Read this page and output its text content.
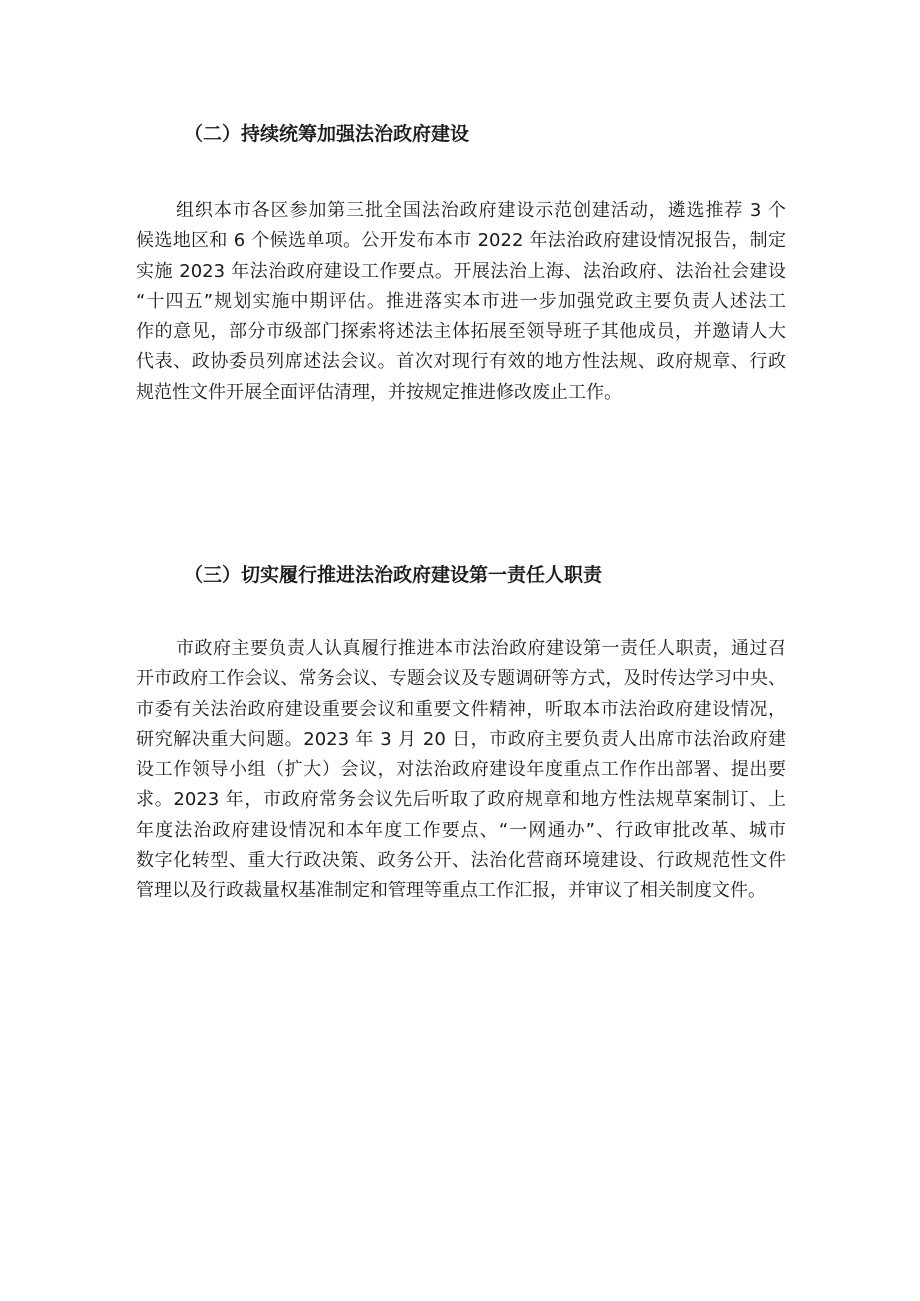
（二）持续统筹加强法治政府建设
组织本市各区参加第三批全国法治政府建设示范创建活动，遴选推荐 3 个
候选地区和 6 个候选单项。公开发布本市 2022 年法治政府建设情况报告，制定
实施 2023 年法治政府建设工作要点。开展法治上海、法治政府、法治社会建设
“十四五”规划实施中期评估。推进落实本市进一步加强党政主要负责人述法工
作的意见，部分市级部门探索将述法主体拓展至领导班子其他成员，并邀请人大
代表、政协委员列席述法会议。首次对现行有效的地方性法规、政府规章、行政
规范性文件开展全面评估清理，并按规定推进修改废止工作。
（三）切实履行推进法治政府建设第一责任人职责
市政府主要负责人认真履行推进本市法治政府建设第一责任人职责，通过召
开市政府工作会议、常务会议、专题会议及专题调研等方式，及时传达学习中央、
市委有关法治政府建设重要会议和重要文件精神，听取本市法治政府建设情况，
研究解决重大问题。2023 年 3 月 20 日，市政府主要负责人出席市法治政府建
设工作领导小组（扩大）会议，对法治政府建设年度重点工作作出部署、提出要
求。2023 年，市政府常务会议先后听取了政府规章和地方性法规草案制订、上
年度法治政府建设情况和本年度工作要点、“一网通办”、行政审批改革、城市
数字化转型、重大行政决策、政务公开、法治化营商环境建设、行政规范性文件
管理以及行政裁量权基准制定和管理等重点工作汇报，并审议了相关制度文件。
